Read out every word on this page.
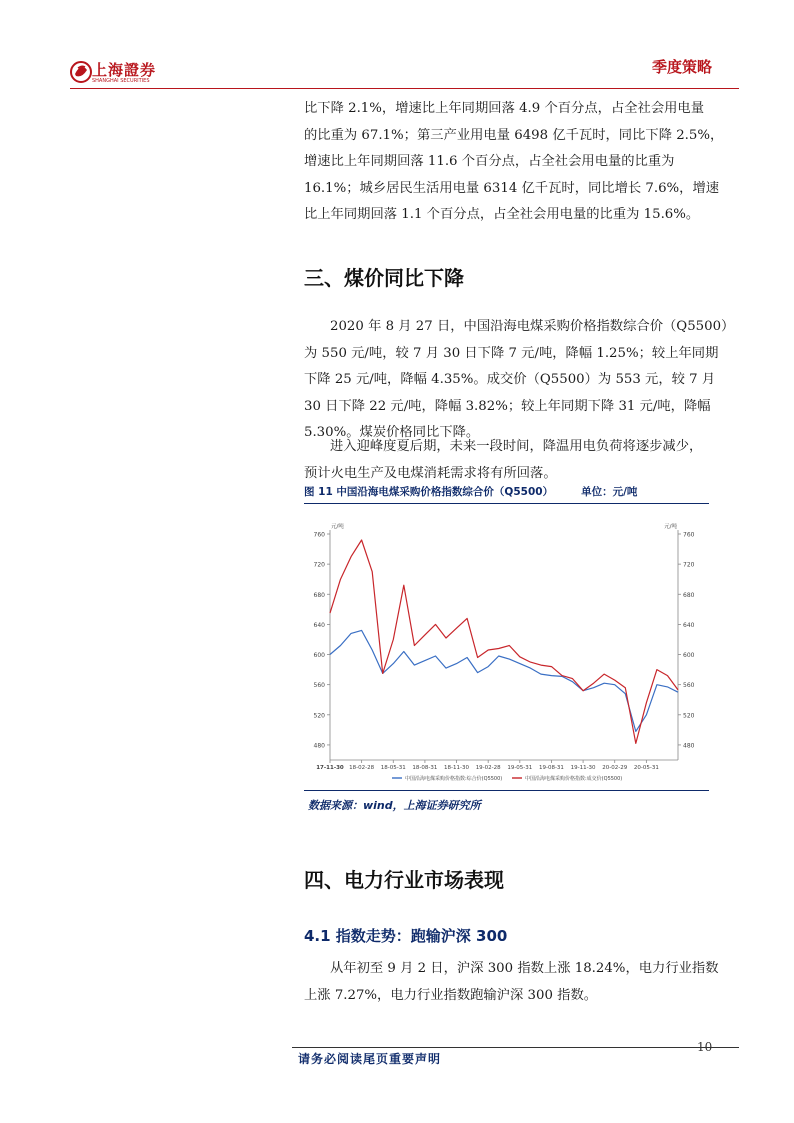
上海證券
SHANGHAI SECURITIES
季度策略
比下降 2.1%，增速比上年同期回落 4.9 个百分点，占全社会用电量
的比重为 67.1%；第三产业用电量 6498 亿千瓦时，同比下降 2.5%，
增速比上年同期回落 11.6 个百分点，占全社会用电量的比重为
16.1%；城乡居民生活用电量 6314 亿千瓦时，同比增长 7.6%，增速
比上年同期回落 1.1 个百分点，占全社会用电量的比重为 15.6%。
三、煤价同比下降
2020 年 8 月 27 日，中国沿海电煤采购价格指数综合价（Q5500）
为 550 元/吨，较 7 月 30 日下降 7 元/吨，降幅 1.25%；较上年同期
下降 25 元/吨，降幅 4.35%。成交价（Q5500）为 553 元，较 7 月
30 日下降 22 元/吨，降幅 3.82%；较上年同期下降 31 元/吨，降幅
5.30%。煤炭价格同比下降。
进入迎峰度夏后期，未来一段时间，降温用电负荷将逐步减少，
预计火电生产及电煤消耗需求将有所回落。
图 11 中国沿海电煤采购价格指数综合价（Q5500）	单位：元/吨
480	480
520	520
560	560
600	600
640	640
680	680
720	720
760	760
元/吨	元/吨
17-11-30 18-02-28 18-05-31 18-08-31 18-11-30 19-02-28 19-05-31 19-08-31 19-11-30 20-02-29 20-05-31
中国沿海电煤采购价格指数:综合价(Q5500)	中国沿海电煤采购价格指数:成交价(Q5500)
数据来源：wind，上海证券研究所
四、电力行业市场表现
4.1 指数走势：跑输沪深 300
从年初至 9 月 2 日，沪深 300 指数上涨 18.24%，电力行业指数
上涨 7.27%，电力行业指数跑输沪深 300 指数。
10
请务必阅读尾页重要声明
